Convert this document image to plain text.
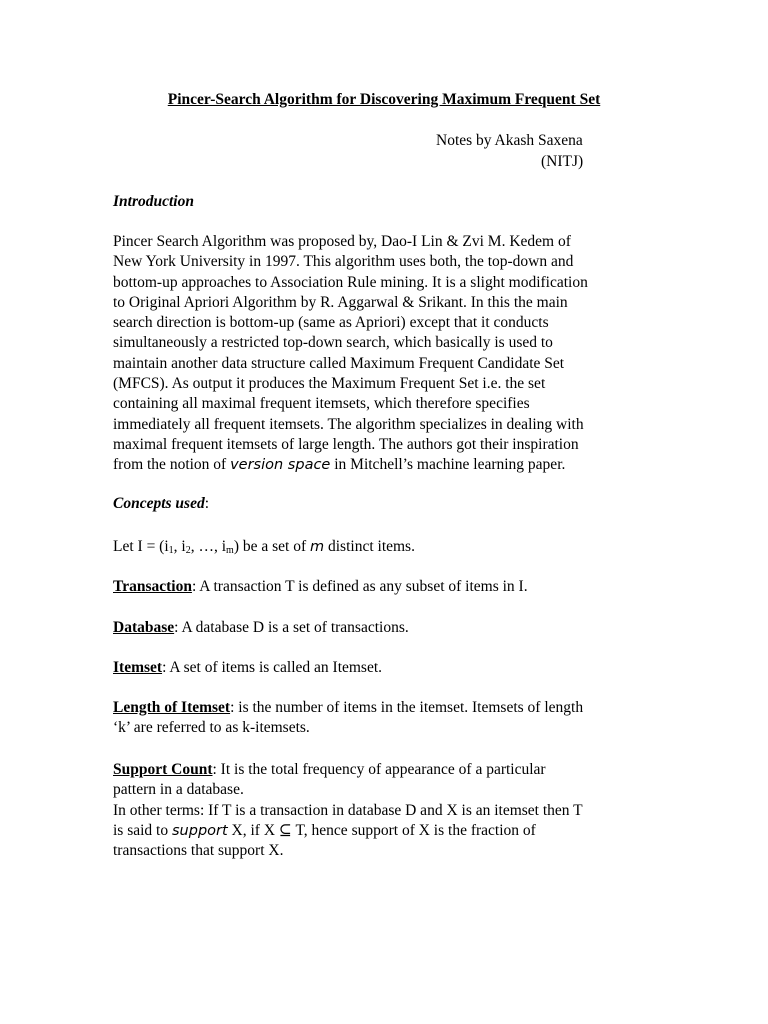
Pincer-Search Algorithm for Discovering Maximum Frequent Set
Notes by Akash Saxena
(NITJ)
Introduction
Pincer Search Algorithm was proposed by, Dao-I Lin & Zvi M. Kedem of
New York University in 1997. This algorithm uses both, the top-down and
bottom-up approaches to Association Rule mining. It is a slight modification
to Original Apriori Algorithm by R. Aggarwal & Srikant. In this the main
search direction is bottom-up (same as Apriori) except that it conducts
simultaneously a restricted top-down search, which basically is used to
maintain another data structure called Maximum Frequent Candidate Set
(MFCS). As output it produces the Maximum Frequent Set i.e. the set
containing all maximal frequent itemsets, which therefore specifies
immediately all frequent itemsets. The algorithm specializes in dealing with
maximal frequent itemsets of large length. The authors got their inspiration
from the notion of version space in Mitchell’s machine learning paper.
Concepts used:
Let $I = (i_1$, $i_2$, …, $i_m$) be a set of m distinct items.
Transaction: A transaction T is defined as any subset of items in I.
Database: A database D is a set of transactions.
Itemset: A set of items is called an Itemset.
Length of Itemset: is the number of items in the itemset. Itemsets of length
‘k’ are referred to as k-itemsets.
Support Count: It is the total frequency of appearance of a particular
pattern in a database.
In other terms: If T is a transaction in database D and X is an itemset then T
is said to support X, if X ⊆ T, hence support of X is the fraction of
transactions that support X.
